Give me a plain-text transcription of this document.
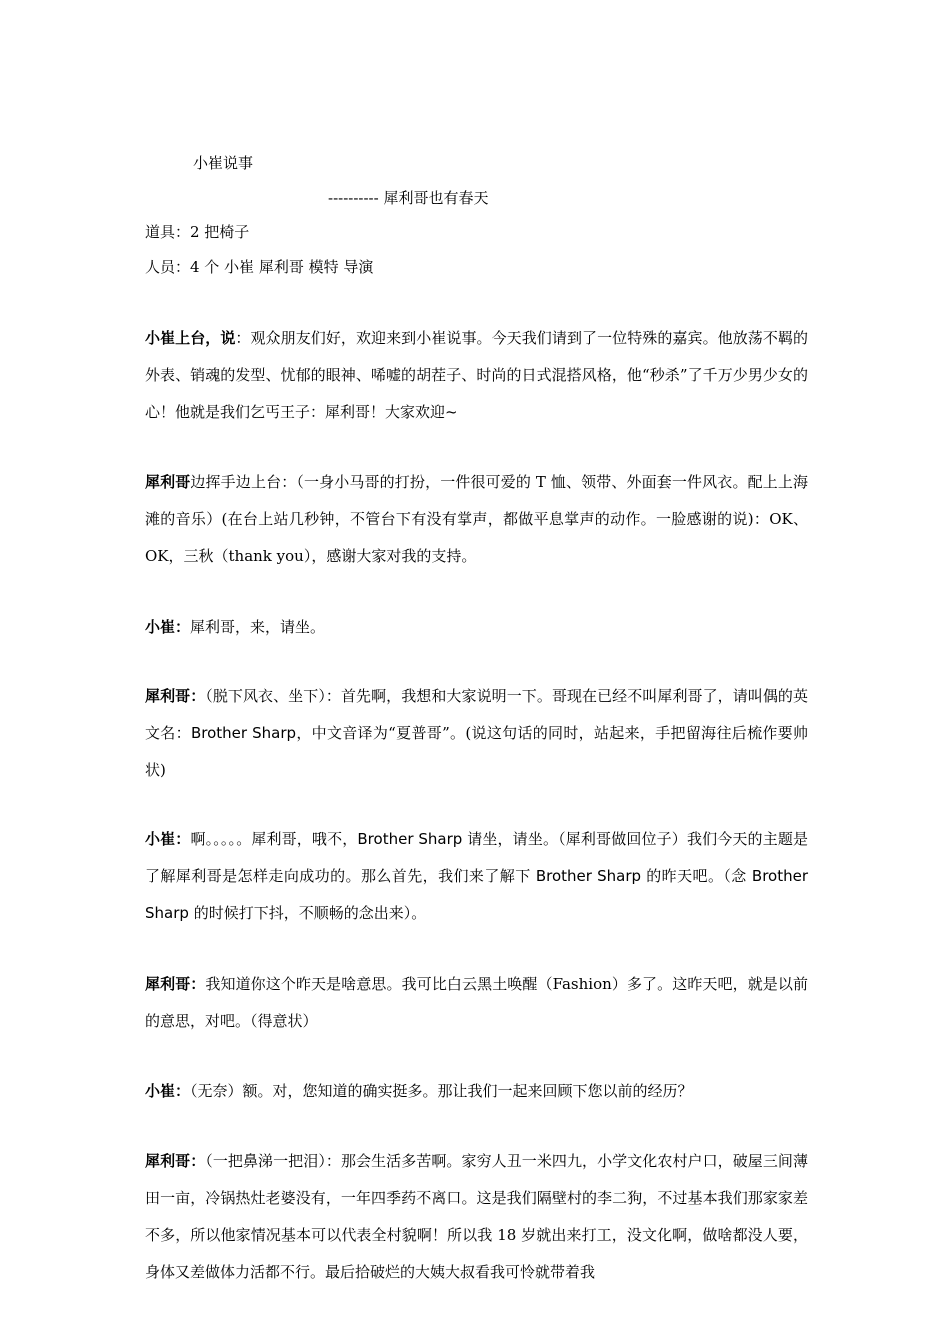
小崔说事
---------- 犀利哥也有春天
道具：2 把椅子
人员：4 个 小崔 犀利哥 模特 导演
小崔上台，说：观众朋友们好，欢迎来到小崔说事。今天我们请到了一位特殊的嘉宾。他放荡不羁的外表、销魂的发型、忧郁的眼神、唏嘘的胡茬子、时尚的日式混搭风格，他“秒杀”了千万少男少女的心！他就是我们乞丐王子：犀利哥！大家欢迎~
犀利哥边挥手边上台：（一身小马哥的打扮，一件很可爱的 T 恤、领带、外面套一件风衣。配上上海滩的音乐）(在台上站几秒钟，不管台下有没有掌声，都做平息掌声的动作。一脸感谢的说)：OK、OK，三秋（thank you），感谢大家对我的支持。
小崔：犀利哥，来，请坐。
犀利哥：（脱下风衣、坐下）：首先啊，我想和大家说明一下。哥现在已经不叫犀利哥了，请叫偶的英文名：Brother Sharp，中文音译为“夏普哥”。(说这句话的同时，站起来，手把留海往后梳作要帅状)
小崔：啊。。。。。犀利哥，哦不，Brother Sharp 请坐，请坐。（犀利哥做回位子）我们今天的主题是了解犀利哥是怎样走向成功的。那么首先，我们来了解下 Brother Sharp 的昨天吧。（念 Brother Sharp 的时候打下抖，不顺畅的念出来）。
犀利哥：我知道你这个昨天是啥意思。我可比白云黑土唤醒（Fashion）多了。这昨天吧，就是以前的意思，对吧。（得意状）
小崔：（无奈）额。对，您知道的确实挺多。那让我们一起来回顾下您以前的经历？
犀利哥：（一把鼻涕一把泪）：那会生活多苦啊。家穷人丑一米四九，小学文化农村户口，破屋三间薄田一亩，冷锅热灶老婆没有，一年四季药不离口。这是我们隔壁村的李二狗，不过基本我们那家家差不多，所以他家情况基本可以代表全村貌啊！所以我 18 岁就出来打工，没文化啊，做啥都没人要，身体又差做体力活都不行。最后拾破烂的大姨大叔看我可怜就带着我
